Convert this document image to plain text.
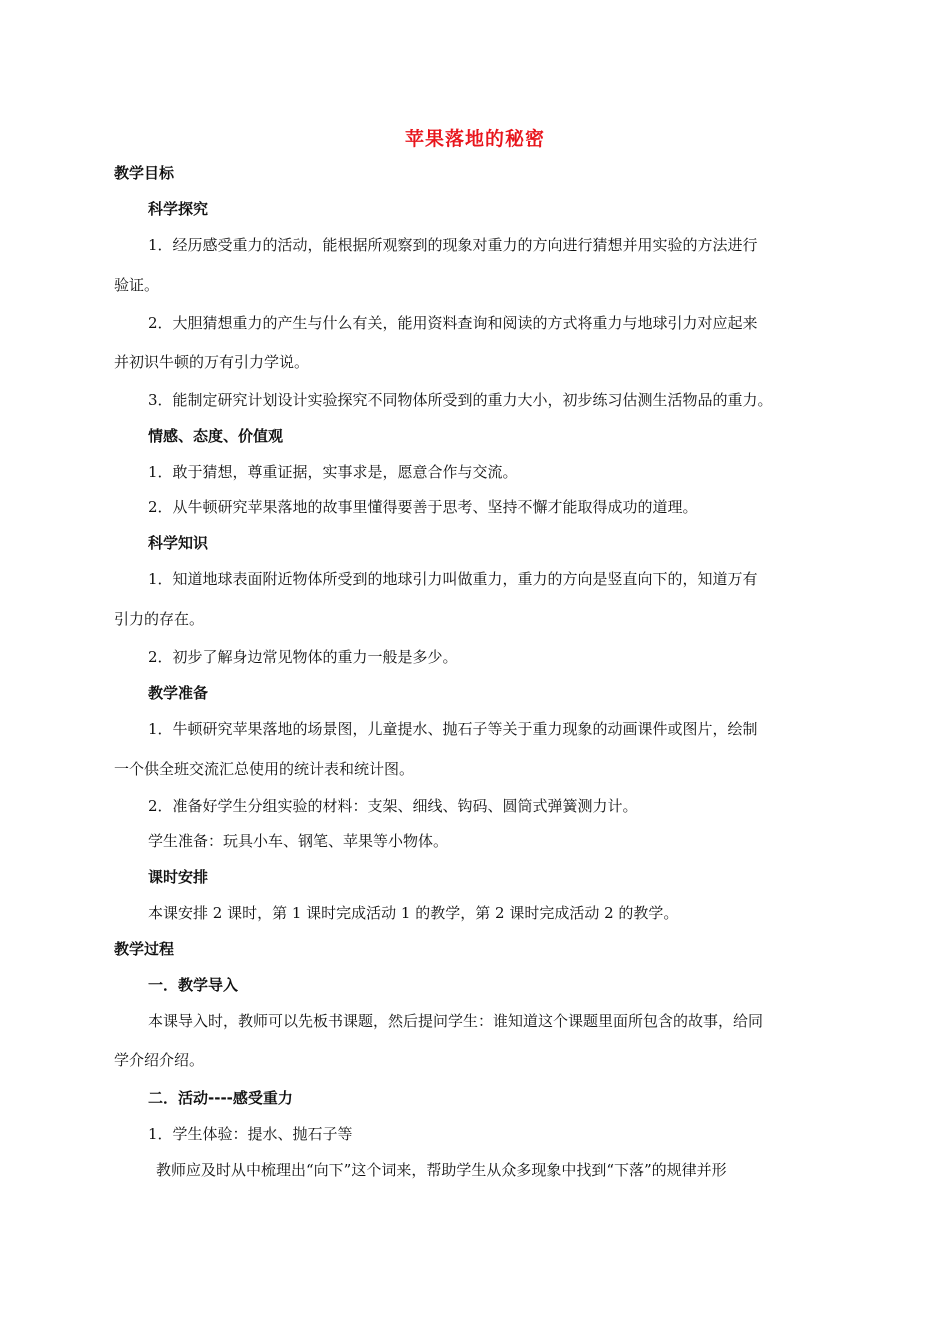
苹果落地的秘密
教学目标
科学探究
1．经历感受重力的活动，能根据所观察到的现象对重力的方向进行猜想并用实验的方法进行
验证。
2．大胆猜想重力的产生与什么有关，能用资料查询和阅读的方式将重力与地球引力对应起来
并初识牛顿的万有引力学说。
3．能制定研究计划设计实验探究不同物体所受到的重力大小，初步练习估测生活物品的重力。
情感、态度、价值观
1．敢于猜想，尊重证据，实事求是，愿意合作与交流。
2．从牛顿研究苹果落地的故事里懂得要善于思考、坚持不懈才能取得成功的道理。
科学知识
1．知道地球表面附近物体所受到的地球引力叫做重力，重力的方向是竖直向下的，知道万有
引力的存在。
2．初步了解身边常见物体的重力一般是多少。
教学准备
1．牛顿研究苹果落地的场景图，儿童提水、抛石子等关于重力现象的动画课件或图片，绘制
一个供全班交流汇总使用的统计表和统计图。
2．准备好学生分组实验的材料：支架、细线、钩码、圆筒式弹簧测力计。
学生准备：玩具小车、钢笔、苹果等小物体。
课时安排
本课安排 2 课时，第 1 课时完成活动 1 的教学，第 2 课时完成活动 2 的教学。
教学过程
一．教学导入
本课导入时，教师可以先板书课题，然后提问学生：谁知道这个课题里面所包含的故事，给同
学介绍介绍。
二．活动----感受重力
1．学生体验：提水、抛石子等
教师应及时从中梳理出“向下”这个词来，帮助学生从众多现象中找到“下落”的规律并形
